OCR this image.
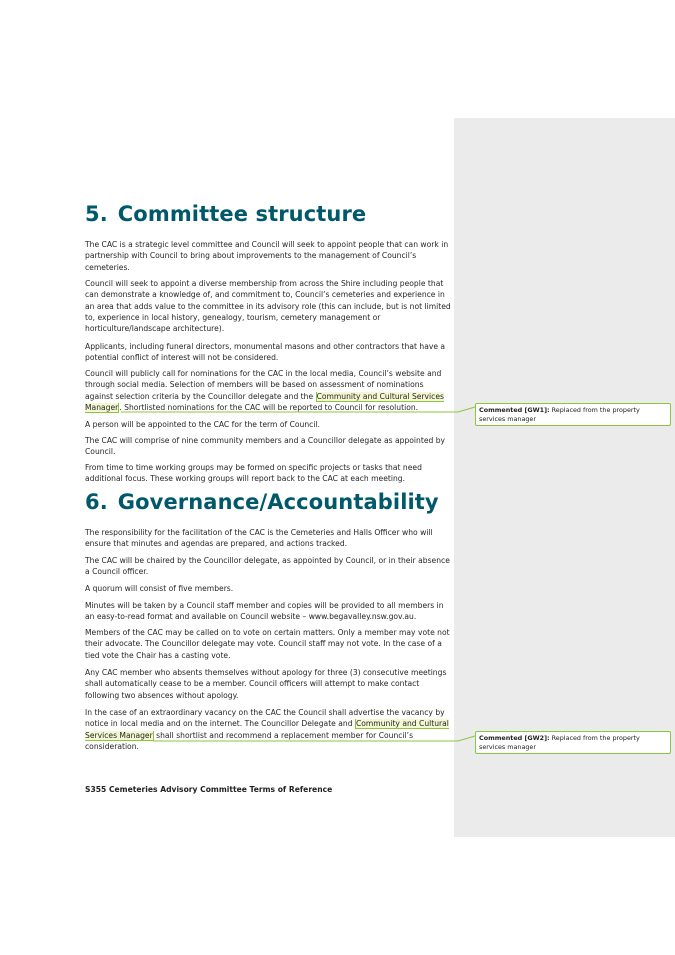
5. Committee structure

The CAC is a strategic level committee and Council will seek to appoint people that can work in partnership with Council to bring about improvements to the management of Council’s cemeteries.

Council will seek to appoint a diverse membership from across the Shire including people that can demonstrate a knowledge of, and commitment to, Council’s cemeteries and experience in an area that adds value to the committee in its advisory role (this can include, but is not limited to, experience in local history, genealogy, tourism, cemetery management or horticulture/landscape architecture).

Applicants, including funeral directors, monumental masons and other contractors that have a potential conflict of interest will not be considered.

Council will publicly call for nominations for the CAC in the local media, Council’s website and through social media. Selection of members will be based on assessment of nominations against selection criteria by the Councillor delegate and the Community and Cultural Services Manager. Shortlisted nominations for the CAC will be reported to Council for resolution.

A person will be appointed to the CAC for the term of Council.

The CAC will comprise of nine community members and a Councillor delegate as appointed by Council.

From time to time working groups may be formed on specific projects or tasks that need additional focus. These working groups will report back to the CAC at each meeting.

6. Governance/Accountability

The responsibility for the facilitation of the CAC is the Cemeteries and Halls Officer who will ensure that minutes and agendas are prepared, and actions tracked.

The CAC will be chaired by the Councillor delegate, as appointed by Council, or in their absence a Council officer.

A quorum will consist of five members.

Minutes will be taken by a Council staff member and copies will be provided to all members in an easy-to-read format and available on Council website – www.begavalley.nsw.gov.au.

Members of the CAC may be called on to vote on certain matters. Only a member may vote not their advocate. The Councillor delegate may vote. Council staff may not vote. In the case of a tied vote the Chair has a casting vote.

Any CAC member who absents themselves without apology for three (3) consecutive meetings shall automatically cease to be a member. Council officers will attempt to make contact following two absences without apology.

In the case of an extraordinary vacancy on the CAC the Council shall advertise the vacancy by notice in local media and on the internet. The Councillor Delegate and Community and Cultural Services Manager shall shortlist and recommend a replacement member for Council’s consideration.

Commented [GW1]: Replaced from the property services manager
Commented [GW2]: Replaced from the property services manager
S355 Cemeteries Advisory Committee Terms of Reference
